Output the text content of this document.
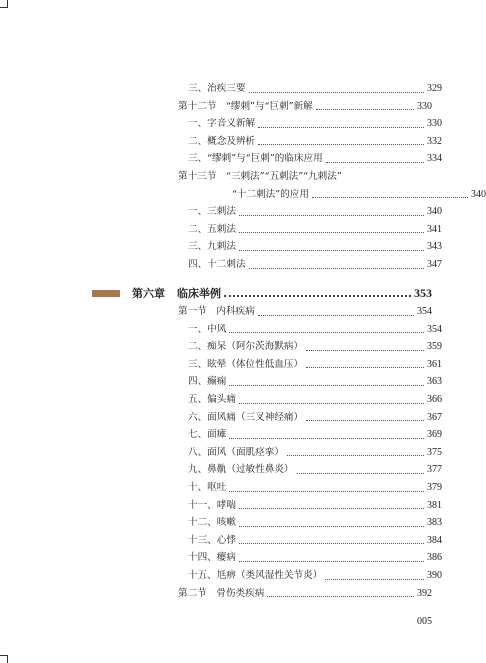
三、治疾三要	329
第十二节　“缪刺”与“巨刺”新解	330
一、字音义新解	330
二、概念及辨析	332
三、“缪刺”与“巨刺”的临床应用	334
第十三节　“三刺法”“五刺法”“九刺法”
“十二刺法”的应用	340
一、三刺法	340
二、五刺法	341
三、九刺法	343
四、十二刺法	347
第六章 临床举例	353
第一节　内科疾病	354
一、中风	354
二、痴呆（阿尔茨海默病）	359
三、眩晕（体位性低血压）	361
四、癫痫	363
五、偏头痛	366
六、面风痛（三叉神经痛）	367
七、面瘫	369
八、面风（面肌痉挛）	375
九、鼻鼽（过敏性鼻炎）	377
十、呕吐	379
十一、哮喘	381
十二、咳嗽	383
十三、心悸	384
十四、瘿病	386
十五、尪痹（类风湿性关节炎）	390
第二节　骨伤类疾病	392
005
